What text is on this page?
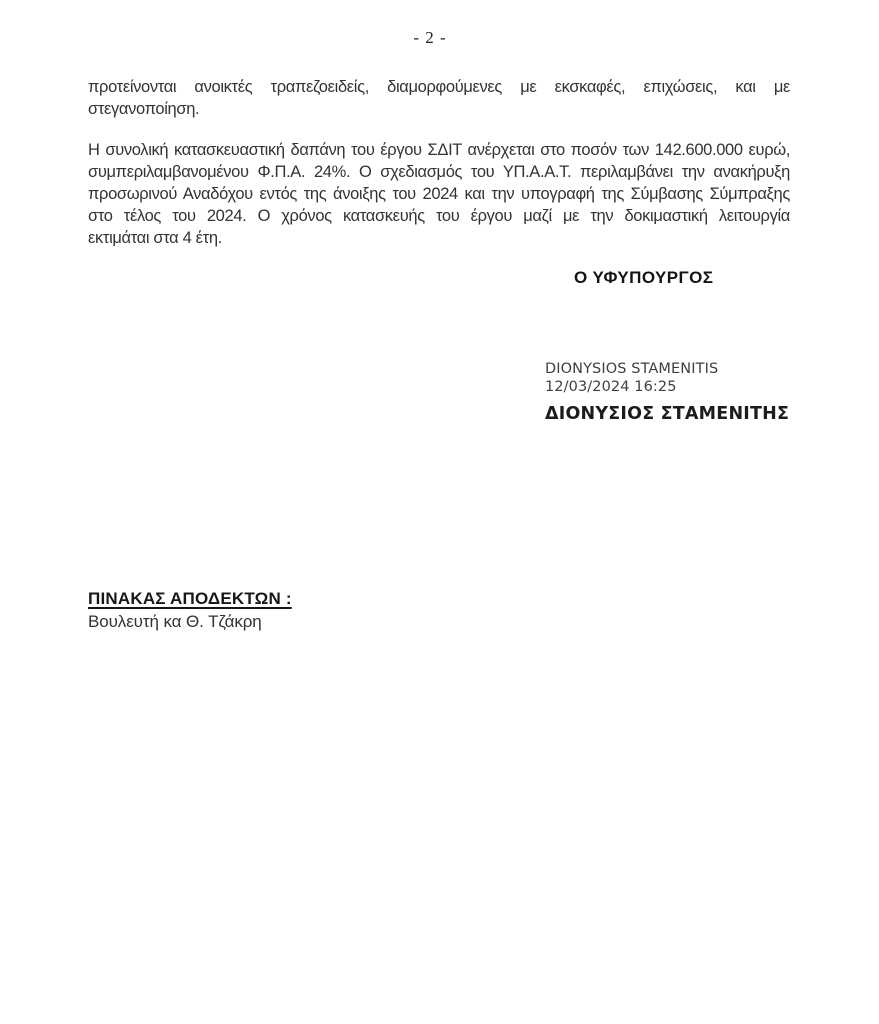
- 2 -
προτείνονται ανοικτές τραπεζοειδείς, διαμορφούμενες με εκσκαφές, επιχώσεις, και με
στεγανοποίηση.
Η συνολική κατασκευαστική δαπάνη του έργου ΣΔΙΤ ανέρχεται στο ποσόν των 142.600.000 ευρώ,
συμπεριλαμβανομένου Φ.Π.Α. 24%. Ο σχεδιασμός του ΥΠ.Α.Α.Τ. περιλαμβάνει την ανακήρυξη
προσωρινού Αναδόχου εντός της άνοιξης του 2024 και την υπογραφή της Σύμβασης Σύμπραξης
στο τέλος του 2024. Ο χρόνος κατασκευής του έργου μαζί με την δοκιμαστική λειτουργία
εκτιμάται στα 4 έτη.
Ο ΥΦΥΠΟΥΡΓΟΣ
DIONYSIOS STAMENITIS
12/03/2024 16:25
ΔΙΟΝΥΣΙΟΣ ΣΤΑΜΕΝΙΤΗΣ
ΠΙΝΑΚΑΣ ΑΠΟΔΕΚΤΩΝ :
Βουλευτή κα Θ. Τζάκρη
